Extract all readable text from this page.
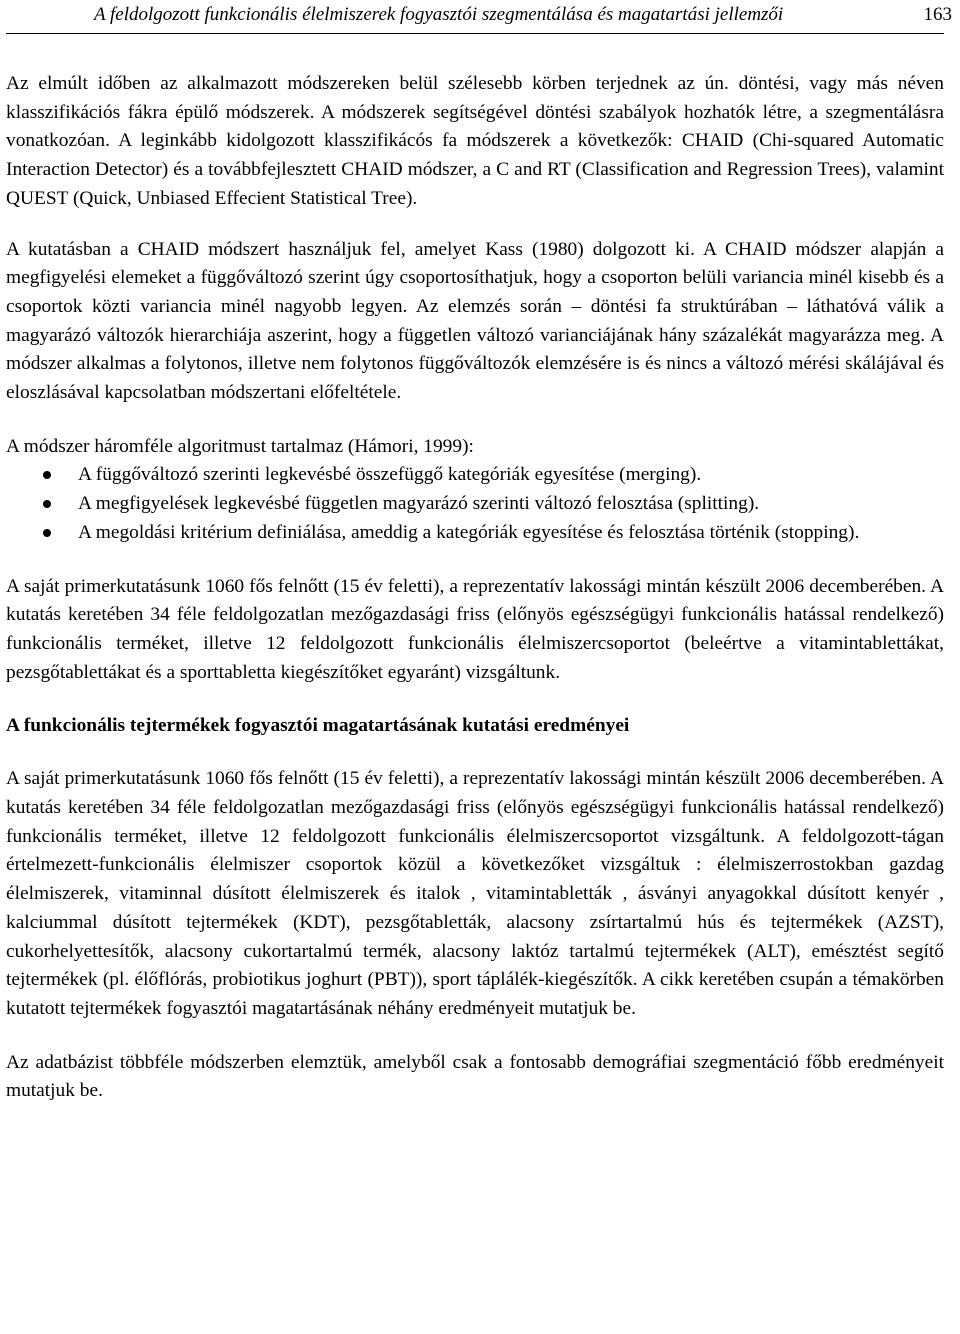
A feldolgozott funkcionális élelmiszerek fogyasztói szegmentálása és magatartási jellemzői	163

Az elmúlt időben az alkalmazott módszereken belül szélesebb körben terjednek az ún. döntési, vagy más néven klasszifikációs fákra épülő módszerek. A módszerek segítségével döntési szabályok hozhatók létre, a szegmentálásra vonatkozóan. A leginkább kidolgozott klasszifikácós fa módszerek a következők: CHAID (Chi-squared Automatic Interaction Detector) és a továbbfejlesztett CHAID módszer, a C and RT (Classification and Regression Trees), valamint QUEST (Quick, Unbiased Effecient Statistical Tree).

A kutatásban a CHAID módszert használjuk fel, amelyet Kass (1980) dolgozott ki. A CHAID módszer alapján a megfigyelési elemeket a függőváltozó szerint úgy csoportosíthatjuk, hogy a csoporton belüli variancia minél kisebb és a csoportok közti variancia minél nagyobb legyen. Az elemzés során – döntési fa struktúrában – láthatóvá válik a magyarázó változók hierarchiája aszerint, hogy a független változó varianciájának hány százalékát magyarázza meg. A módszer alkalmas a folytonos, illetve nem folytonos függőváltozók elemzésére is és nincs a változó mérési skálájával és eloszlásával kapcsolatban módszertani előfeltétele.

A módszer háromféle algoritmust tartalmaz (Hámori, 1999):

A függőváltozó szerinti legkevésbé összefüggő kategóriák egyesítése (merging).
A megfigyelések legkevésbé független magyarázó szerinti változó felosztása (splitting).
A megoldási kritérium definiálása, ameddig a kategóriák egyesítése és felosztása történik (stopping).

A saját primerkutatásunk 1060 fős felnőtt (15 év feletti), a reprezentatív lakossági mintán készült 2006 decemberében. A kutatás keretében 34 féle feldolgozatlan mezőgazdasági friss (előnyös egészségügyi funkcionális hatással rendelkező) funkcionális terméket, illetve 12 feldolgozott funkcionális élelmiszercsoportot (beleértve a vitamintablettákat, pezsgőtablettákat és a sporttabletta kiegészítőket egyaránt) vizsgáltunk.

A funkcionális tejtermékek fogyasztói magatartásának kutatási eredményei

A saját primerkutatásunk 1060 fős felnőtt (15 év feletti), a reprezentatív lakossági mintán készült 2006 decemberében. A kutatás keretében 34 féle feldolgozatlan mezőgazdasági friss (előnyös egészségügyi funkcionális hatással rendelkező) funkcionális terméket, illetve 12 feldolgozott funkcionális élelmiszercsoportot vizsgáltunk. A feldolgozott-tágan értelmezett-funkcionális élelmiszer csoportok közül a következőket vizsgáltuk : élelmiszerrostokban gazdag élelmiszerek, vitaminnal dúsított élelmiszerek és italok , vitamintabletták , ásványi anyagokkal dúsított kenyér , kalciummal dúsított tejtermékek (KDT), pezsgőtabletták, alacsony zsírtartalmú hús és tejtermékek (AZST), cukorhelyettesítők, alacsony cukortartalmú termék, alacsony laktóz tartalmú tejtermékek (ALT), emésztést segítő tejtermékek (pl. élőflórás, probiotikus joghurt (PBT)), sport táplálék-kiegészítők. A cikk keretében csupán a témakörben kutatott tejtermékek fogyasztói magatartásának néhány eredményeit mutatjuk be.

Az adatbázist többféle módszerben elemztük, amelyből csak a fontosabb demográfiai szegmentáció főbb eredményeit mutatjuk be.
